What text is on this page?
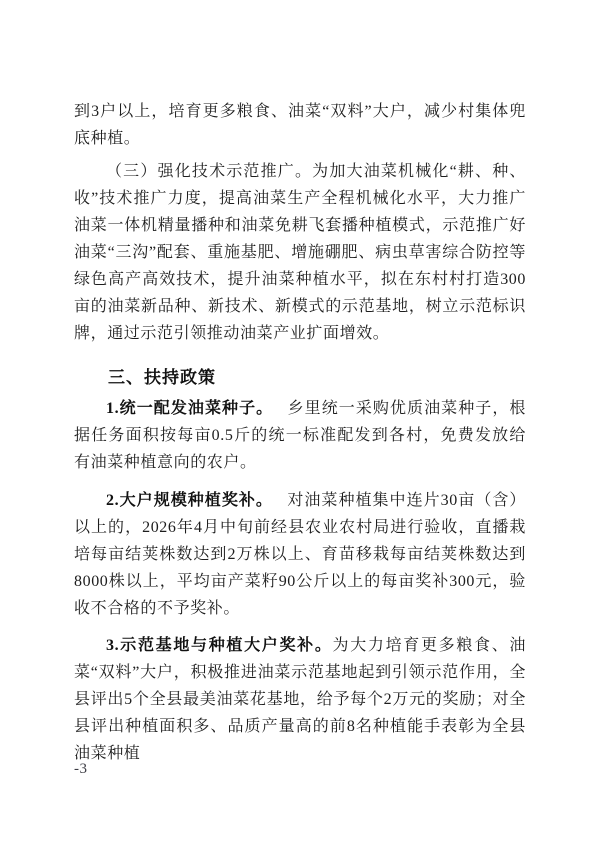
到3户以上，培育更多粮食、油菜“双料”大户，减少村集体兜底种植。

（三）强化技术示范推广。为加大油菜机械化“耕、种、收”技术推广力度，提高油菜生产全程机械化水平，大力推广油菜一体机精量播种和油菜免耕飞套播种植模式，示范推广好油菜“三沟”配套、重施基肥、增施硼肥、病虫草害综合防控等绿色高产高效技术，提升油菜种植水平，拟在东村村打造300亩的油菜新品种、新技术、新模式的示范基地，树立示范标识牌，通过示范引领推动油菜产业扩面增效。

三、扶持政策

1.统一配发油菜种子。 乡里统一采购优质油菜种子，根据任务面积按每亩0.5斤的统一标准配发到各村，免费发放给有油菜种植意向的农户。

2.大户规模种植奖补。 对油菜种植集中连片30亩（含）以上的，2026年4月中旬前经县农业农村局进行验收，直播栽培每亩结荚株数达到2万株以上、育苗移栽每亩结荚株数达到8000株以上，平均亩产菜籽90公斤以上的每亩奖补300元，验收不合格的不予奖补。

3.示范基地与种植大户奖补。为大力培育更多粮食、油菜“双料”大户，积极推进油菜示范基地起到引领示范作用，全县评出5个全县最美油菜花基地，给予每个2万元的奖励；对全县评出种植面积多、品质产量高的前8名种植能手表彰为全县油菜种植

-3
